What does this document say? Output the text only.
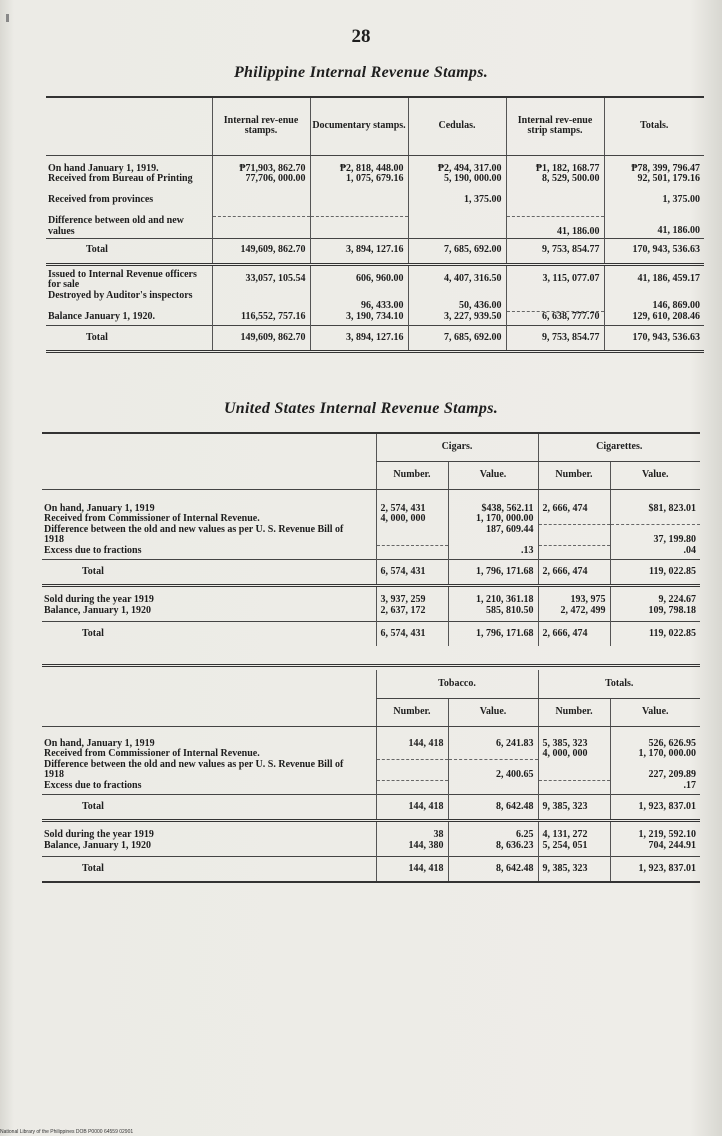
28
Philippine Internal Revenue Stamps.
	Internal rev-enue stamps.	Documentary stamps.	Cedulas.	Internal rev-enue strip stamps.	Totals.
On hand January 1, 1919.	₱71,903, 862.70	₱2, 818, 448.00	₱2, 494, 317.00	₱1, 182, 168.77	₱78, 399, 796.47
Received from Bureau of Printing	77,706, 000.00	1, 075, 679.16	5, 190, 000.00	8, 529, 500.00	92, 501, 179.16
Received from provinces			1, 375.00		1, 375.00
Difference between old and new values				41, 186.00	41, 186.00
Total	149,609, 862.70	3, 894, 127.16	7, 685, 692.00	9, 753, 854.77	170, 943, 536.63
Issued to Internal Revenue officers for sale	33,057, 105.54	606, 960.00	4, 407, 316.50	3, 115, 077.07	41, 186, 459.17
Destroyed by Auditor's inspectors		96, 433.00	50, 436.00		146, 869.00
Balance January 1, 1920.	116,552, 757.16	3, 190, 734.10	3, 227, 939.50	6, 638, 777.70	129, 610, 208.46
Total	149,609, 862.70	3, 894, 127.16	7, 685, 692.00	9, 753, 854.77	170, 943, 536.63
United States Internal Revenue Stamps.
	Cigars.		Cigarettes.	
	Number.	Value.	Number.	Value.
On hand, January 1, 1919	2, 574, 431	$438, 562.11	2, 666, 474	$81, 823.01
Received from Commissioner of Internal Revenue.	4, 000, 000	1, 170, 000.00		
Difference between the old and new values as per U. S. Revenue Bill of 1918		187, 609.44		37, 199.80
Excess due to fractions		.13		.04
Total	6, 574, 431	1, 796, 171.68	2, 666, 474	119, 022.85
Sold during the year 1919	3, 937, 259	1, 210, 361.18	193, 975	9, 224.67
Balance, January 1, 1920	2, 637, 172	585, 810.50	2, 472, 499	109, 798.18
Total	6, 574, 431	1, 796, 171.68	2, 666, 474	119, 022.85
	Tobacco.		Totals.	
	Number.	Value.	Number.	Value.
On hand, January 1, 1919	144, 418	6, 241.83	5, 385, 323	526, 626.95
Received from Commissioner of Internal Revenue.			4, 000, 000	1, 170, 000.00
Difference between the old and new values as per U. S. Revenue Bill of 1918		2, 400.65		227, 209.89
Excess due to fractions				.17
Total	144, 418	8, 642.48	9, 385, 323	1, 923, 837.01
Sold during the year 1919	38	6.25	4, 131, 272	1, 219, 592.10
Balance, January 1, 1920	144, 380	8, 636.23	5, 254, 051	704, 244.91
Total	144, 418	8, 642.48	9, 385, 323	1, 923, 837.01
National Library of the Philippines DOB P0000 64559 02901
